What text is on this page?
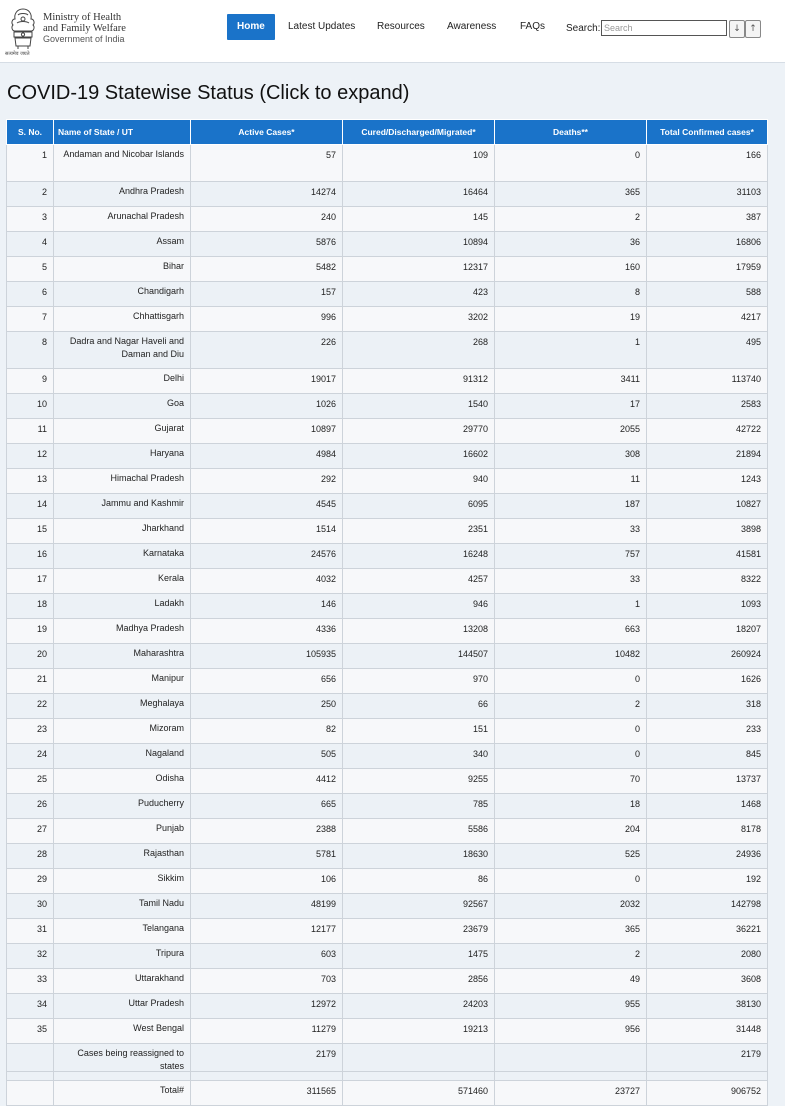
सत्यमेव जयते
Ministry of Health
and Family Welfare
Government of India
Home	Latest Updates Resources Awareness FAQs Search:
Search	↓ ↑
COVID-19 Statewise Status (Click to expand)
S. No.	Name of State / UT	Active Cases*	Cured/Discharged/Migrated*	Deaths**	Total Confirmed cases*
1	Andaman and Nicobar Islands	57	109	0	166
2	Andhra Pradesh	14274	16464	365	31103
3	Arunachal Pradesh	240	145	2	387
4	Assam	5876	10894	36	16806
5	Bihar	5482	12317	160	17959
6	Chandigarh	157	423	8	588
7	Chhattisgarh	996	3202	19	4217
8	Dadra and Nagar Haveli and Daman and Diu	226	268	1	495
9	Delhi	19017	91312	3411	113740
10	Goa	1026	1540	17	2583
11	Gujarat	10897	29770	2055	42722
12	Haryana	4984	16602	308	21894
13	Himachal Pradesh	292	940	11	1243
14	Jammu and Kashmir	4545	6095	187	10827
15	Jharkhand	1514	2351	33	3898
16	Karnataka	24576	16248	757	41581
17	Kerala	4032	4257	33	8322
18	Ladakh	146	946	1	1093
19	Madhya Pradesh	4336	13208	663	18207
20	Maharashtra	105935	144507	10482	260924
21	Manipur	656	970	0	1626
22	Meghalaya	250	66	2	318
23	Mizoram	82	151	0	233
24	Nagaland	505	340	0	845
25	Odisha	4412	9255	70	13737
26	Puducherry	665	785	18	1468
27	Punjab	2388	5586	204	8178
28	Rajasthan	5781	18630	525	24936
29	Sikkim	106	86	0	192
30	Tamil Nadu	48199	92567	2032	142798
31	Telangana	12177	23679	365	36221
32	Tripura	603	1475	2	2080
33	Uttarakhand	703	2856	49	3608
34	Uttar Pradesh	12972	24203	955	38130
35	West Bengal	11279	19213	956	31448
	Cases being reassigned to states	2179			2179
	Total#	311565	571460	23727	906752
